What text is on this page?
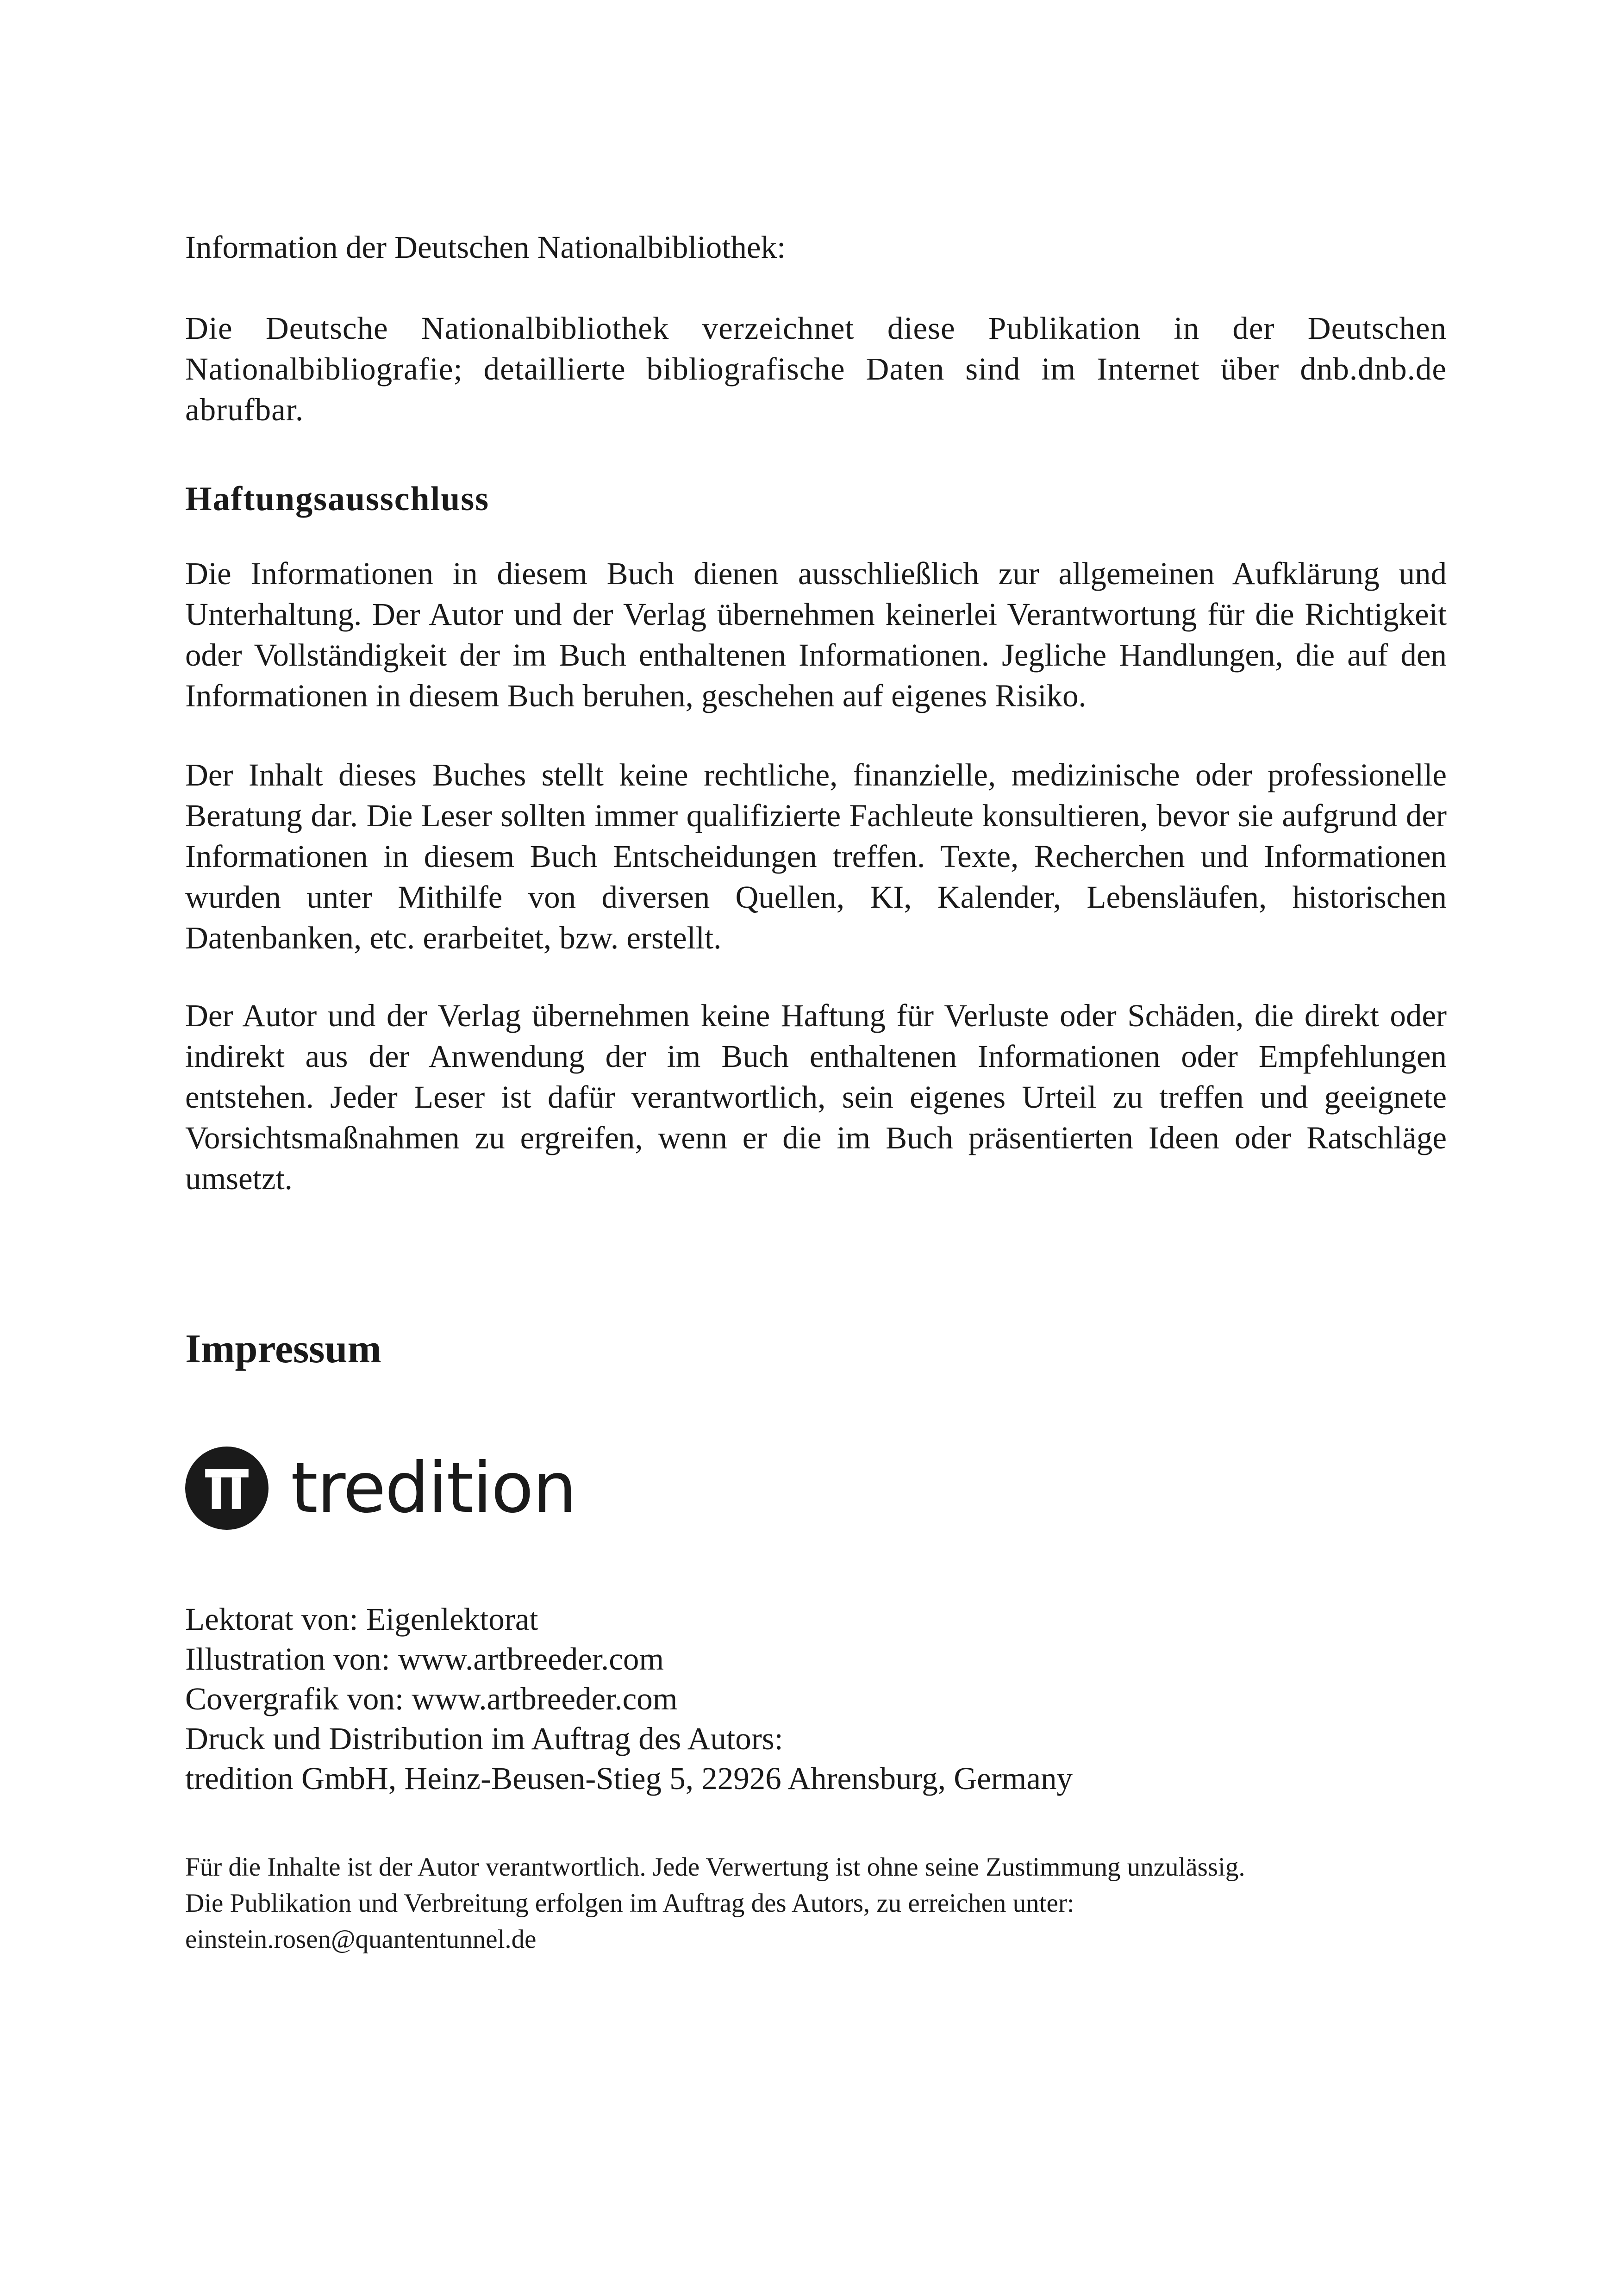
Information der Deutschen Nationalbibliothek:

Die Deutsche Nationalbibliothek verzeichnet diese Publikation in der Deutschen Nationalbibliografie; detaillierte bibliografische Daten sind im Internet über dnb.dnb.de abrufbar.

Haftungsausschluss

Die Informationen in diesem Buch dienen ausschließlich zur allgemeinen Aufklärung und Unterhaltung. Der Autor und der Verlag übernehmen keinerlei Verantwortung für die Richtigkeit oder Vollständigkeit der im Buch enthaltenen Informationen. Jegliche Handlungen, die auf den Informationen in diesem Buch beruhen, geschehen auf eigenes Risiko.

Der Inhalt dieses Buches stellt keine rechtliche, finanzielle, medizinische oder professionelle Beratung dar. Die Leser sollten immer qualifizierte Fachleute konsultieren, bevor sie aufgrund der Informationen in diesem Buch Entscheidungen treffen. Texte, Recherchen und Informationen wurden unter Mithilfe von diversen Quellen, KI, Kalender, Lebensläufen, historischen Datenbanken, etc. erarbeitet, bzw. erstellt.

Der Autor und der Verlag übernehmen keine Haftung für Verluste oder Schäden, die direkt oder indirekt aus der Anwendung der im Buch enthaltenen Informationen oder Empfehlungen entstehen. Jeder Leser ist dafür verantwortlich, sein eigenes Urteil zu treffen und geeignete Vorsichtsmaßnahmen zu ergreifen, wenn er die im Buch präsentierten Ideen oder Ratschläge umsetzt.

Impressum
tredition
Lektorat von: Eigenlektorat
Illustration von: www.artbreeder.com
Covergrafik von: www.artbreeder.com
Druck und Distribution im Auftrag des Autors:
tredition GmbH, Heinz-Beusen-Stieg 5, 22926 Ahrensburg, Germany

Für die Inhalte ist der Autor verantwortlich. Jede Verwertung ist ohne seine Zustimmung unzulässig.

Die Publikation und Verbreitung erfolgen im Auftrag des Autors, zu erreichen unter: einstein.rosen@quantentunnel.de
